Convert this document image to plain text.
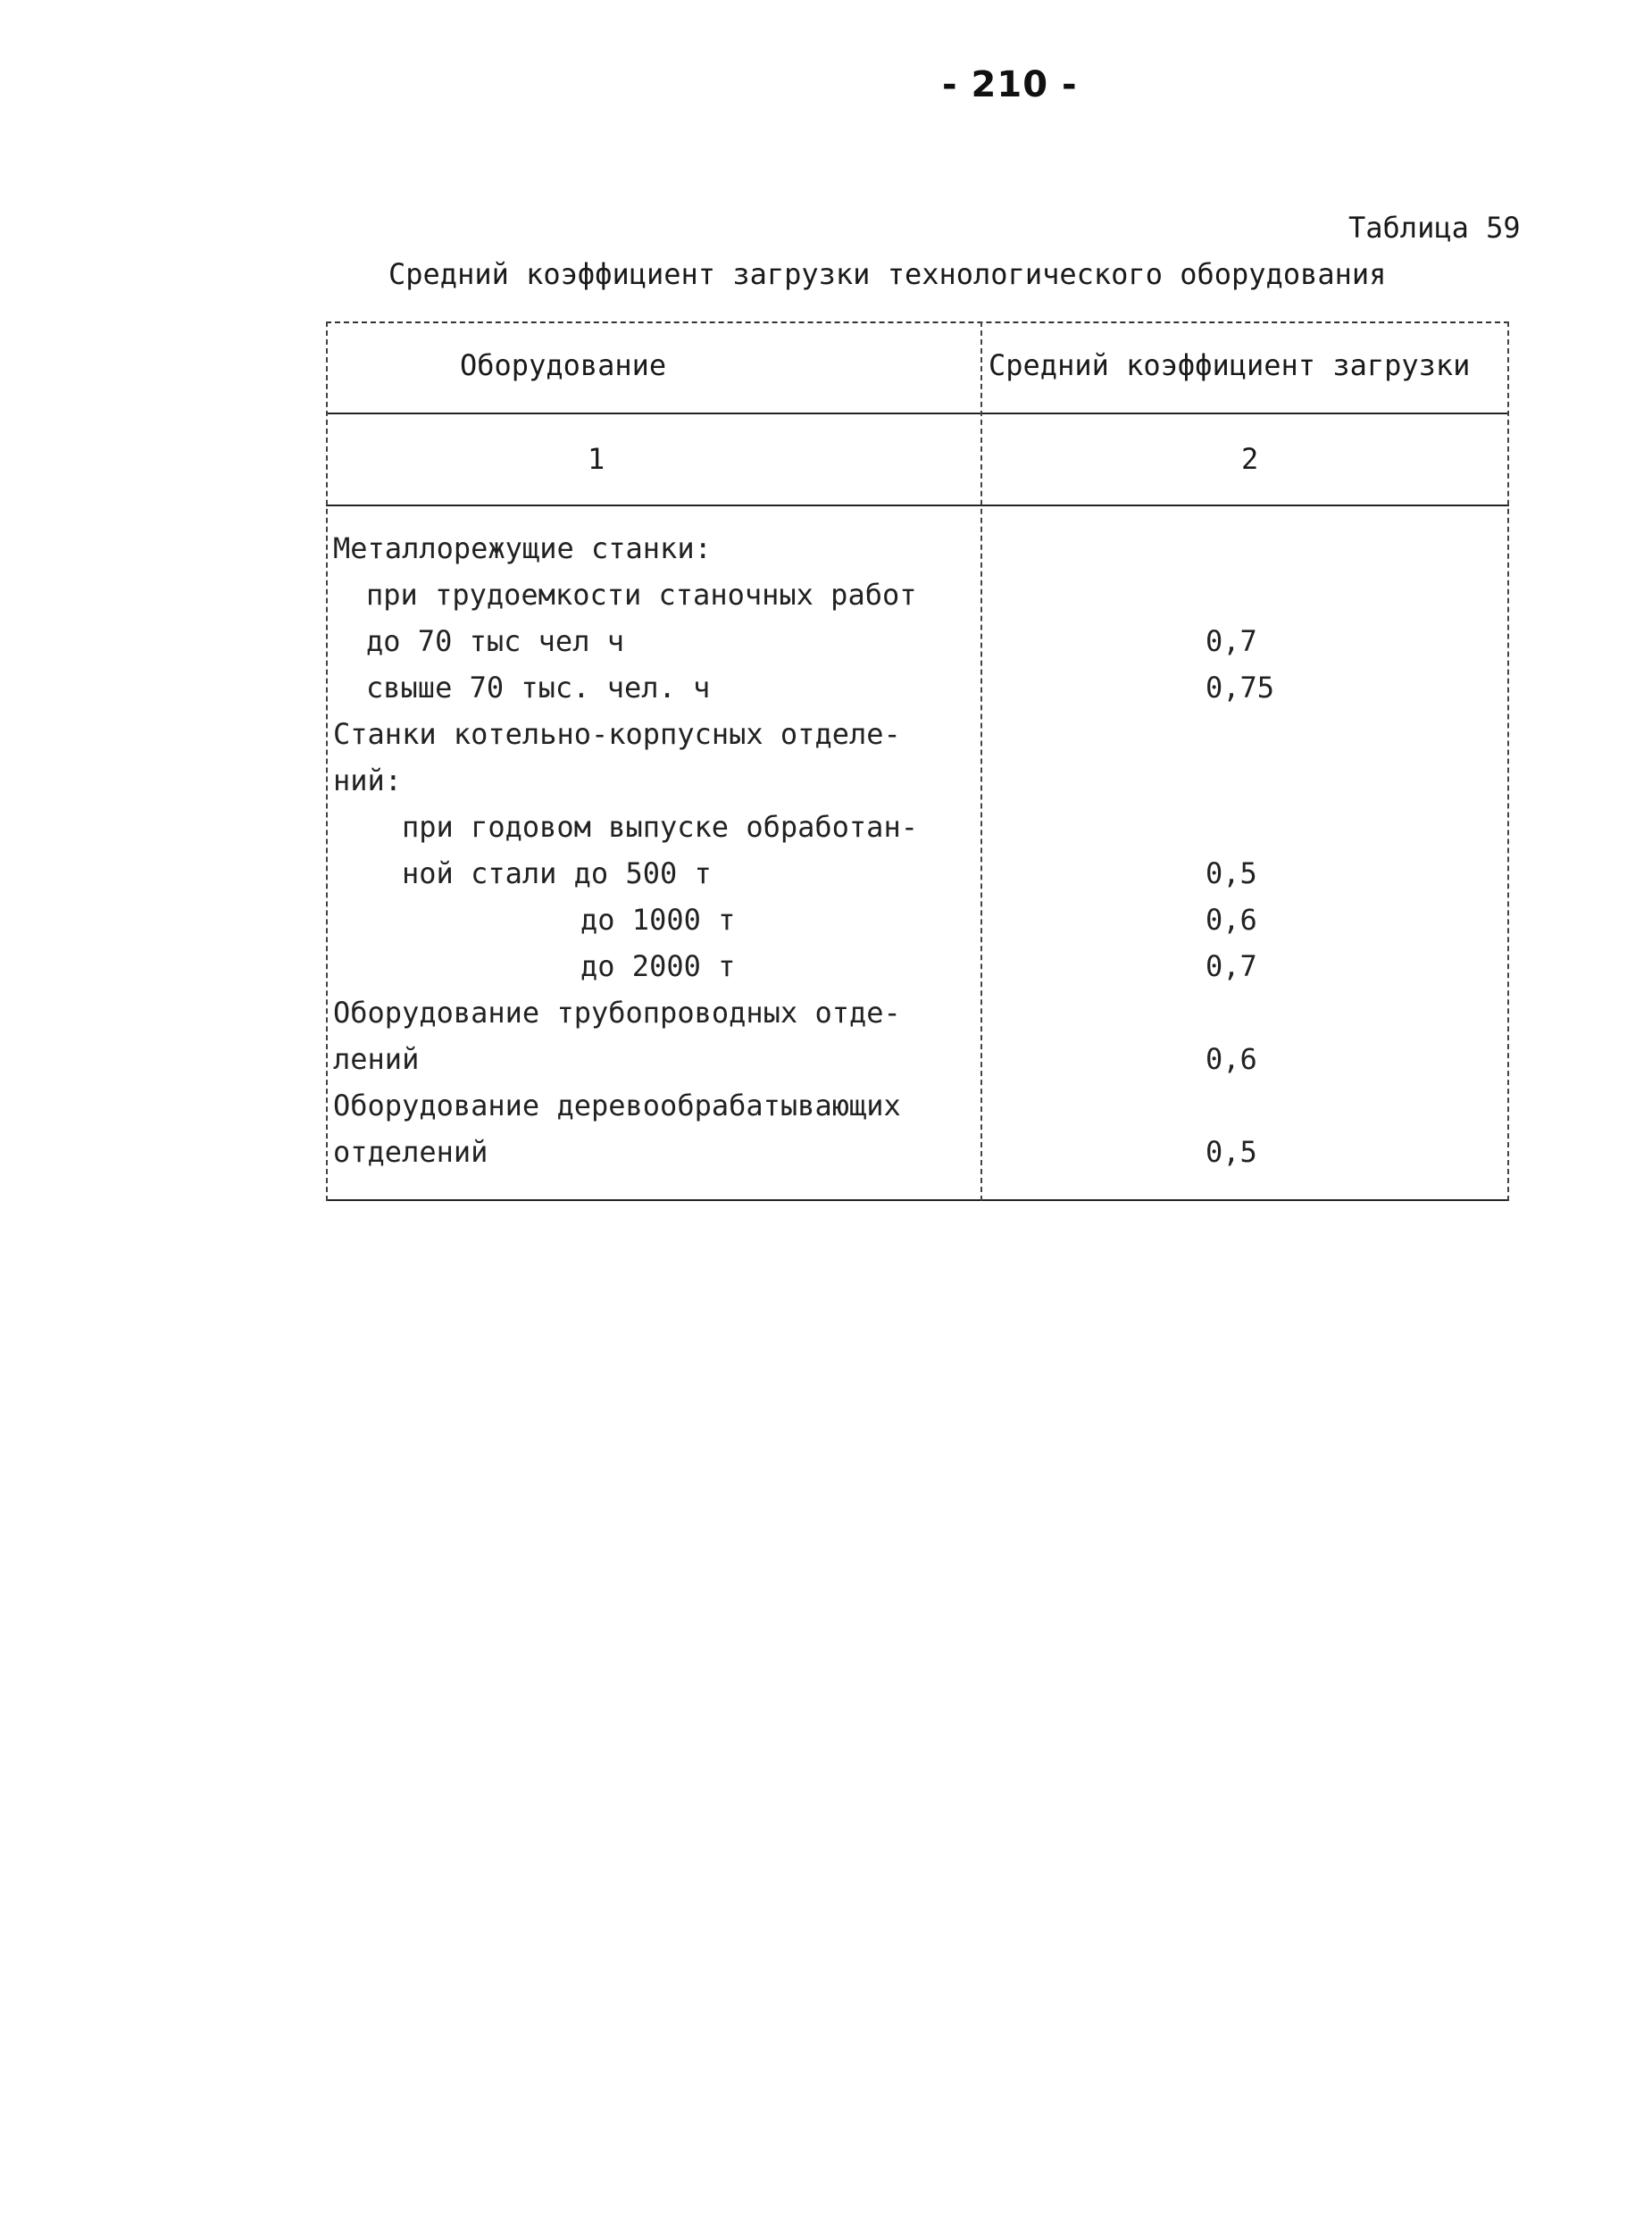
- 210 -
Таблица 59
Средний коэффициент загрузки технологического оборудования
Оборудование	Средний коэффициент загрузки
1	2
Металлорежущие станки:
при трудоемкости станочных работ
до 70 тыс чел ч	0,7
свыше 70 тыс. чел. ч	0,75
Станки котельно-корпусных отделе-
ний:
при годовом выпуске обработан-
ной стали до 500 т	0,5
до 1000 т	0,6
до 2000 т	0,7
Оборудование трубопроводных отде-
лений	0,6
Оборудование деревообрабатывающих
отделений	0,5
